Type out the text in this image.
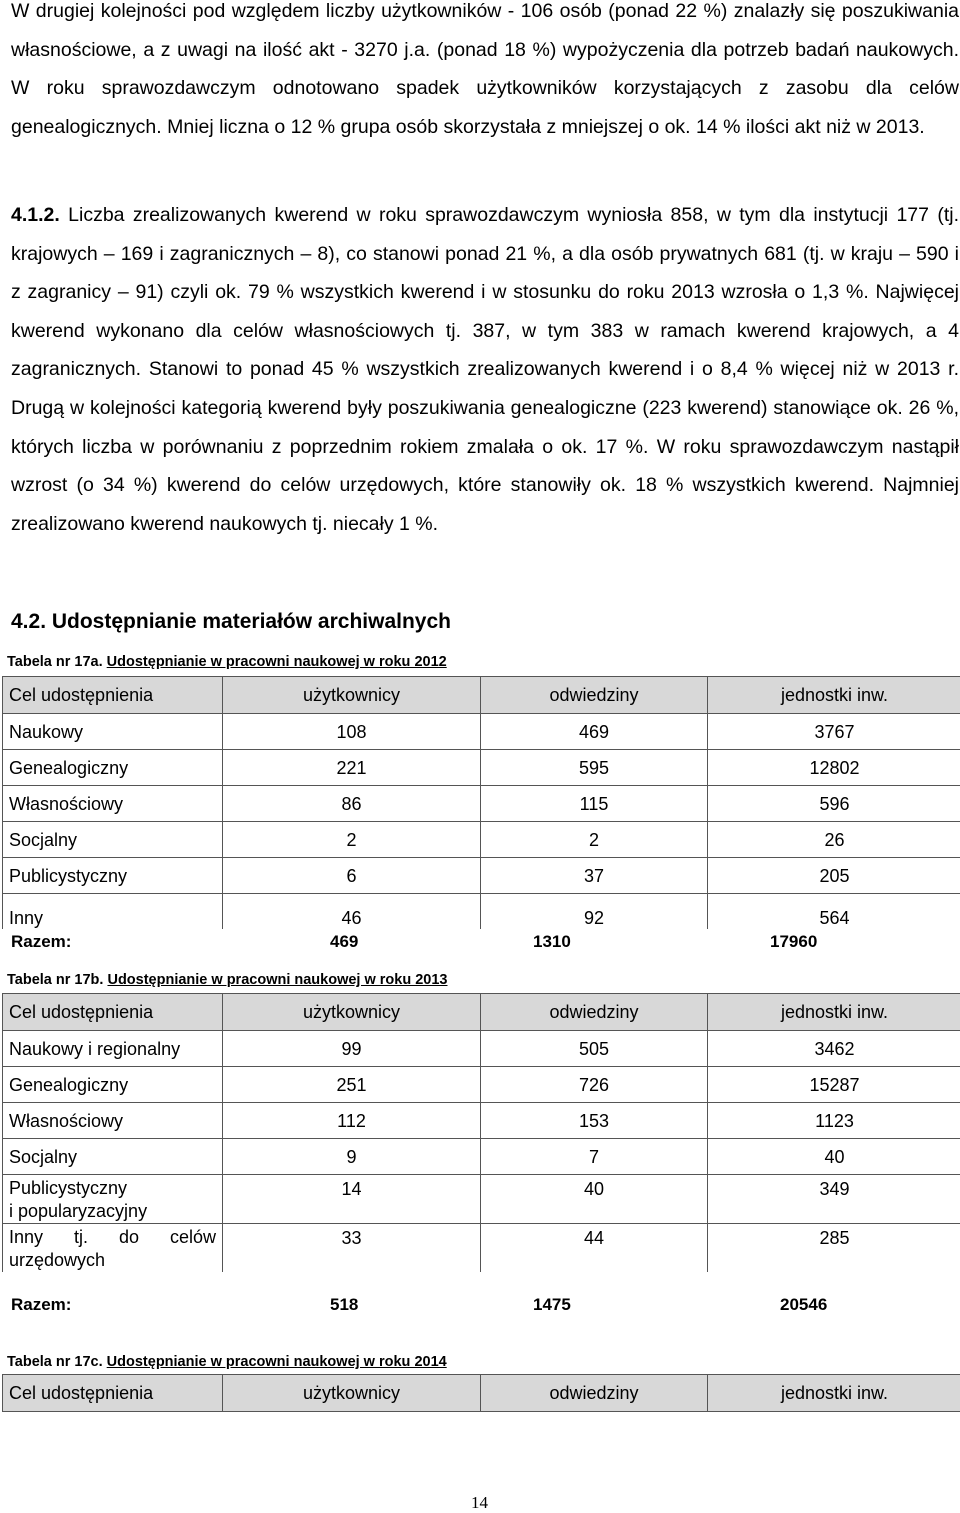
W drugiej kolejności pod względem liczby użytkowników - 106 osób (ponad 22 %) znalazły się poszukiwania własnościowe, a z uwagi na ilość akt - 3270 j.a. (ponad 18 %) wypożyczenia dla potrzeb badań naukowych. W roku sprawozdawczym odnotowano spadek użytkowników korzystających z zasobu dla celów genealogicznych. Mniej liczna o 12 % grupa osób skorzystała z mniejszej o ok. 14 % ilości akt niż w 2013.

4.1.2. Liczba zrealizowanych kwerend w roku sprawozdawczym wyniosła 858, w tym dla instytucji 177 (tj. krajowych – 169 i zagranicznych – 8), co stanowi ponad 21 %, a dla osób prywatnych 681 (tj. w kraju – 590 i z zagranicy – 91) czyli ok. 79 % wszystkich kwerend i w stosunku do roku 2013 wzrosła o 1,3 %. Najwięcej kwerend wykonano dla celów własnościowych tj. 387, w tym 383 w ramach kwerend krajowych, a 4 zagranicznych. Stanowi to ponad 45 % wszystkich zrealizowanych kwerend i o 8,4 % więcej niż w 2013 r. Drugą w kolejności kategorią kwerend były poszukiwania genealogiczne (223 kwerend) stanowiące ok. 26 %, których liczba w porównaniu z poprzednim rokiem zmalała o ok. 17 %. W roku sprawozdawczym nastąpił wzrost (o 34 %) kwerend do celów urzędowych, które stanowiły ok. 18 % wszystkich kwerend. Najmniej zrealizowano kwerend naukowych tj. niecały 1 %.

4.2. Udostępnianie materiałów archiwalnych
Tabela nr 17a. Udostępnianie w pracowni naukowej w roku 2012
Cel udostępnienia	użytkownicy	odwiedziny	jednostki inw.
Naukowy	108	469	3767
Genealogiczny	221	595	12802
Własnościowy	86	115	596
Socjalny	2	2	26
Publicystyczny	6	37	205
Inny	46	92	564
Razem:	469	1310	17960
Tabela nr 17b. Udostępnianie w pracowni naukowej w roku 2013
Cel udostępnienia	użytkownicy	odwiedziny	jednostki inw.
Naukowy i regionalny	99	505	3462
Genealogiczny	251	726	15287
Własnościowy	112	153	1123
Socjalny	9	7	40
Publicystyczny
i popularyzacyjny	14	40	349
Inny tj. do celów urzędowych	33	44	285
Razem:	518	1475	20546
Tabela nr 17c. Udostępnianie w pracowni naukowej w roku 2014
Cel udostępnienia	użytkownicy	odwiedziny	jednostki inw.
14
